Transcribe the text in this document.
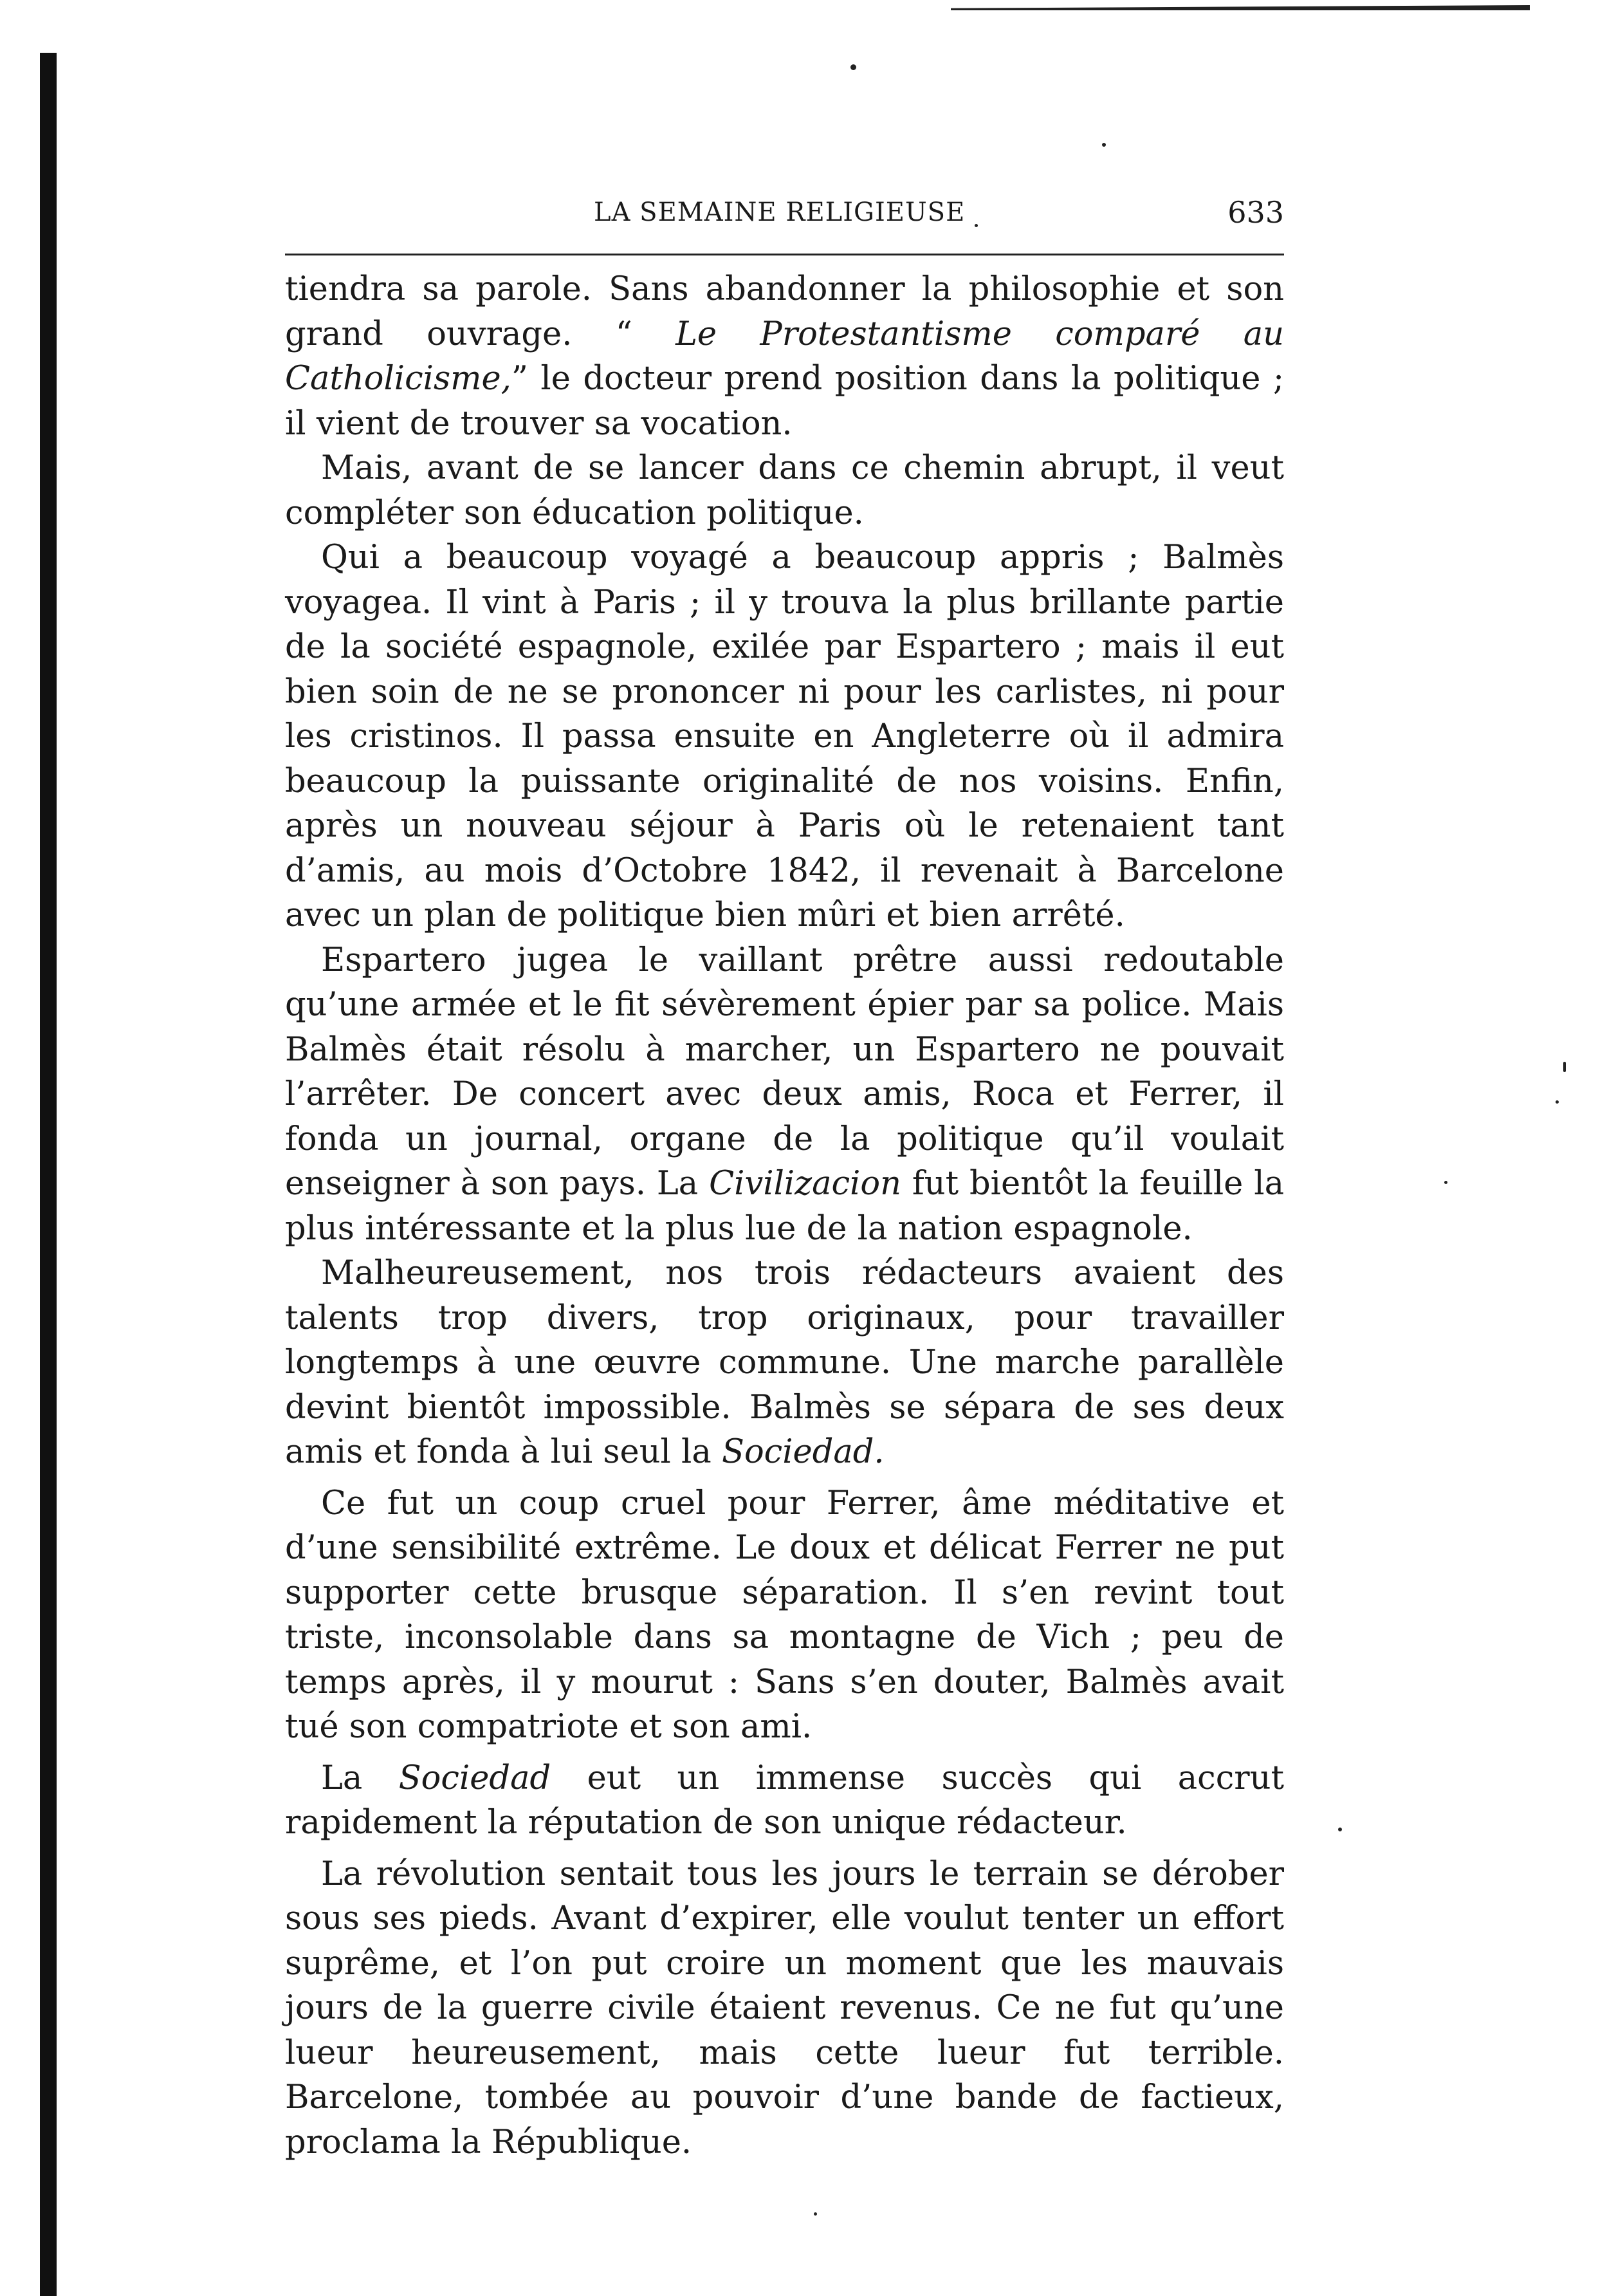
LA SEMAINE RELIGIEUSE	633

tiendra sa parole. Sans abandonner la philosophie et son grand ouvrage. “ Le Protestantisme comparé au Catholicisme,” le docteur prend position dans la politique ; il vient de trouver sa vocation.

Mais, avant de se lancer dans ce chemin abrupt, il veut compléter son éducation politique.

Qui a beaucoup voyagé a beaucoup appris ; Balmès voyagea. Il vint à Paris ; il y trouva la plus brillante partie de la société espagnole, exilée par Espartero ; mais il eut bien soin de ne se prononcer ni pour les carlistes, ni pour les cristinos. Il passa ensuite en Angleterre où il admira beaucoup la puissante originalité de nos voisins. Enfin, après un nouveau séjour à Paris où le retenaient tant d’amis, au mois d’Octobre 1842, il revenait à Barcelone avec un plan de politique bien mûri et bien arrêté.

Espartero jugea le vaillant prêtre aussi redoutable qu’une armée et le fit sévèrement épier par sa police. Mais Balmès était résolu à marcher, un Espartero ne pouvait l’arrêter. De concert avec deux amis, Roca et Ferrer, il fonda un journal, organe de la politique qu’il voulait enseigner à son pays. La Civilizacion fut bientôt la feuille la plus intéressante et la plus lue de la nation espagnole.

Malheureusement, nos trois rédacteurs avaient des talents trop divers, trop originaux, pour travailler longtemps à une œuvre commune. Une marche parallèle devint bientôt impossible. Balmès se sépara de ses deux amis et fonda à lui seul la Sociedad.

Ce fut un coup cruel pour Ferrer, âme méditative et d’une sensibilité extrême. Le doux et délicat Ferrer ne put supporter cette brusque séparation. Il s’en revint tout triste, inconsolable dans sa montagne de Vich ; peu de temps après, il y mourut : Sans s’en douter, Balmès avait tué son compatriote et son ami.

La Sociedad eut un immense succès qui accrut rapidement la réputation de son unique rédacteur.

La révolution sentait tous les jours le terrain se dérober sous ses pieds. Avant d’expirer, elle voulut tenter un effort suprême, et l’on put croire un moment que les mauvais jours de la guerre civile étaient revenus. Ce ne fut qu’une lueur heureusement, mais cette lueur fut terrible. Barcelone, tombée au pouvoir d’une bande de factieux, proclama la République.
